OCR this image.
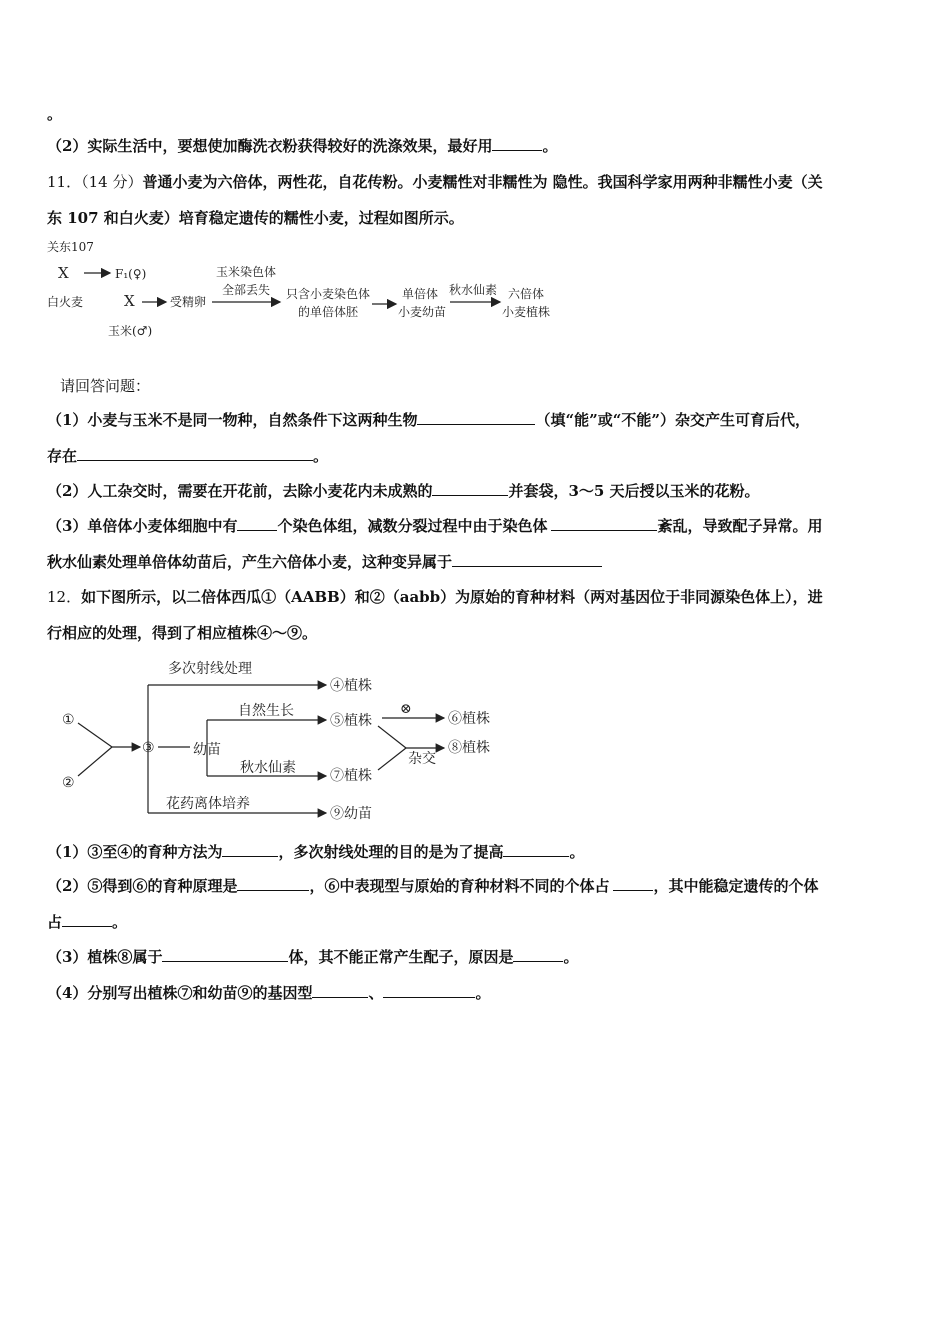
。
（2）实际生活中，要想使加酶洗衣粉获得较好的洗涤效果，最好用	。
11．（14 分）普通小麦为六倍体，两性花，自花传粉。小麦糯性对非糯性为 隐性。我国科学家用两种非糯性小麦（关
东 107 和白火麦）培育稳定遗传的糯性小麦，过程如图所示。
关东107
X	F₁(♀)
白火麦	X	受精卵
玉米(♂)
玉米染色体
全部丢失 只含小麦染色体
的单倍体胚
单倍体
小麦幼苗
秋水仙素 六倍体
小麦植株
请回答问题：
（1）小麦与玉米不是同一物种，自然条件下这两种生物	（填“能”或“不能”）杂交产生可育后代，
存在	。
（2）人工杂交时，需要在开花前，去除小麦花内未成熟的	并套袋，3～5 天后授以玉米的花粉。
（3）单倍体小麦体细胞中有	个染色体组，减数分裂过程中由于染色体	紊乱，导致配子异常。用
秋水仙素处理单倍体幼苗后，产生六倍体小麦，这种变异属于
12．如下图所示，以二倍体西瓜①（AABB）和②（aabb）为原始的育种材料（两对基因位于非同源染色体上），进
行相应的处理，得到了相应植株④～⑨。
①
②
③	幼苗
多次射线处理
④植株
自然生长
⑤植株
⊗
⑥植株
杂交
⑧植株
秋水仙素 ⑦植株
花药离体培养
⑨幼苗
（1）③至④的育种方法为	，多次射线处理的目的是为了提高	。
（2）⑤得到⑥的育种原理是	，⑥中表现型与原始的育种材料不同的个体占	，其中能稳定遗传的个体
占	。
（3）植株⑧属于	体，其不能正常产生配子，原因是	。
（4）分别写出植株⑦和幼苗⑨的基因型	、	。
